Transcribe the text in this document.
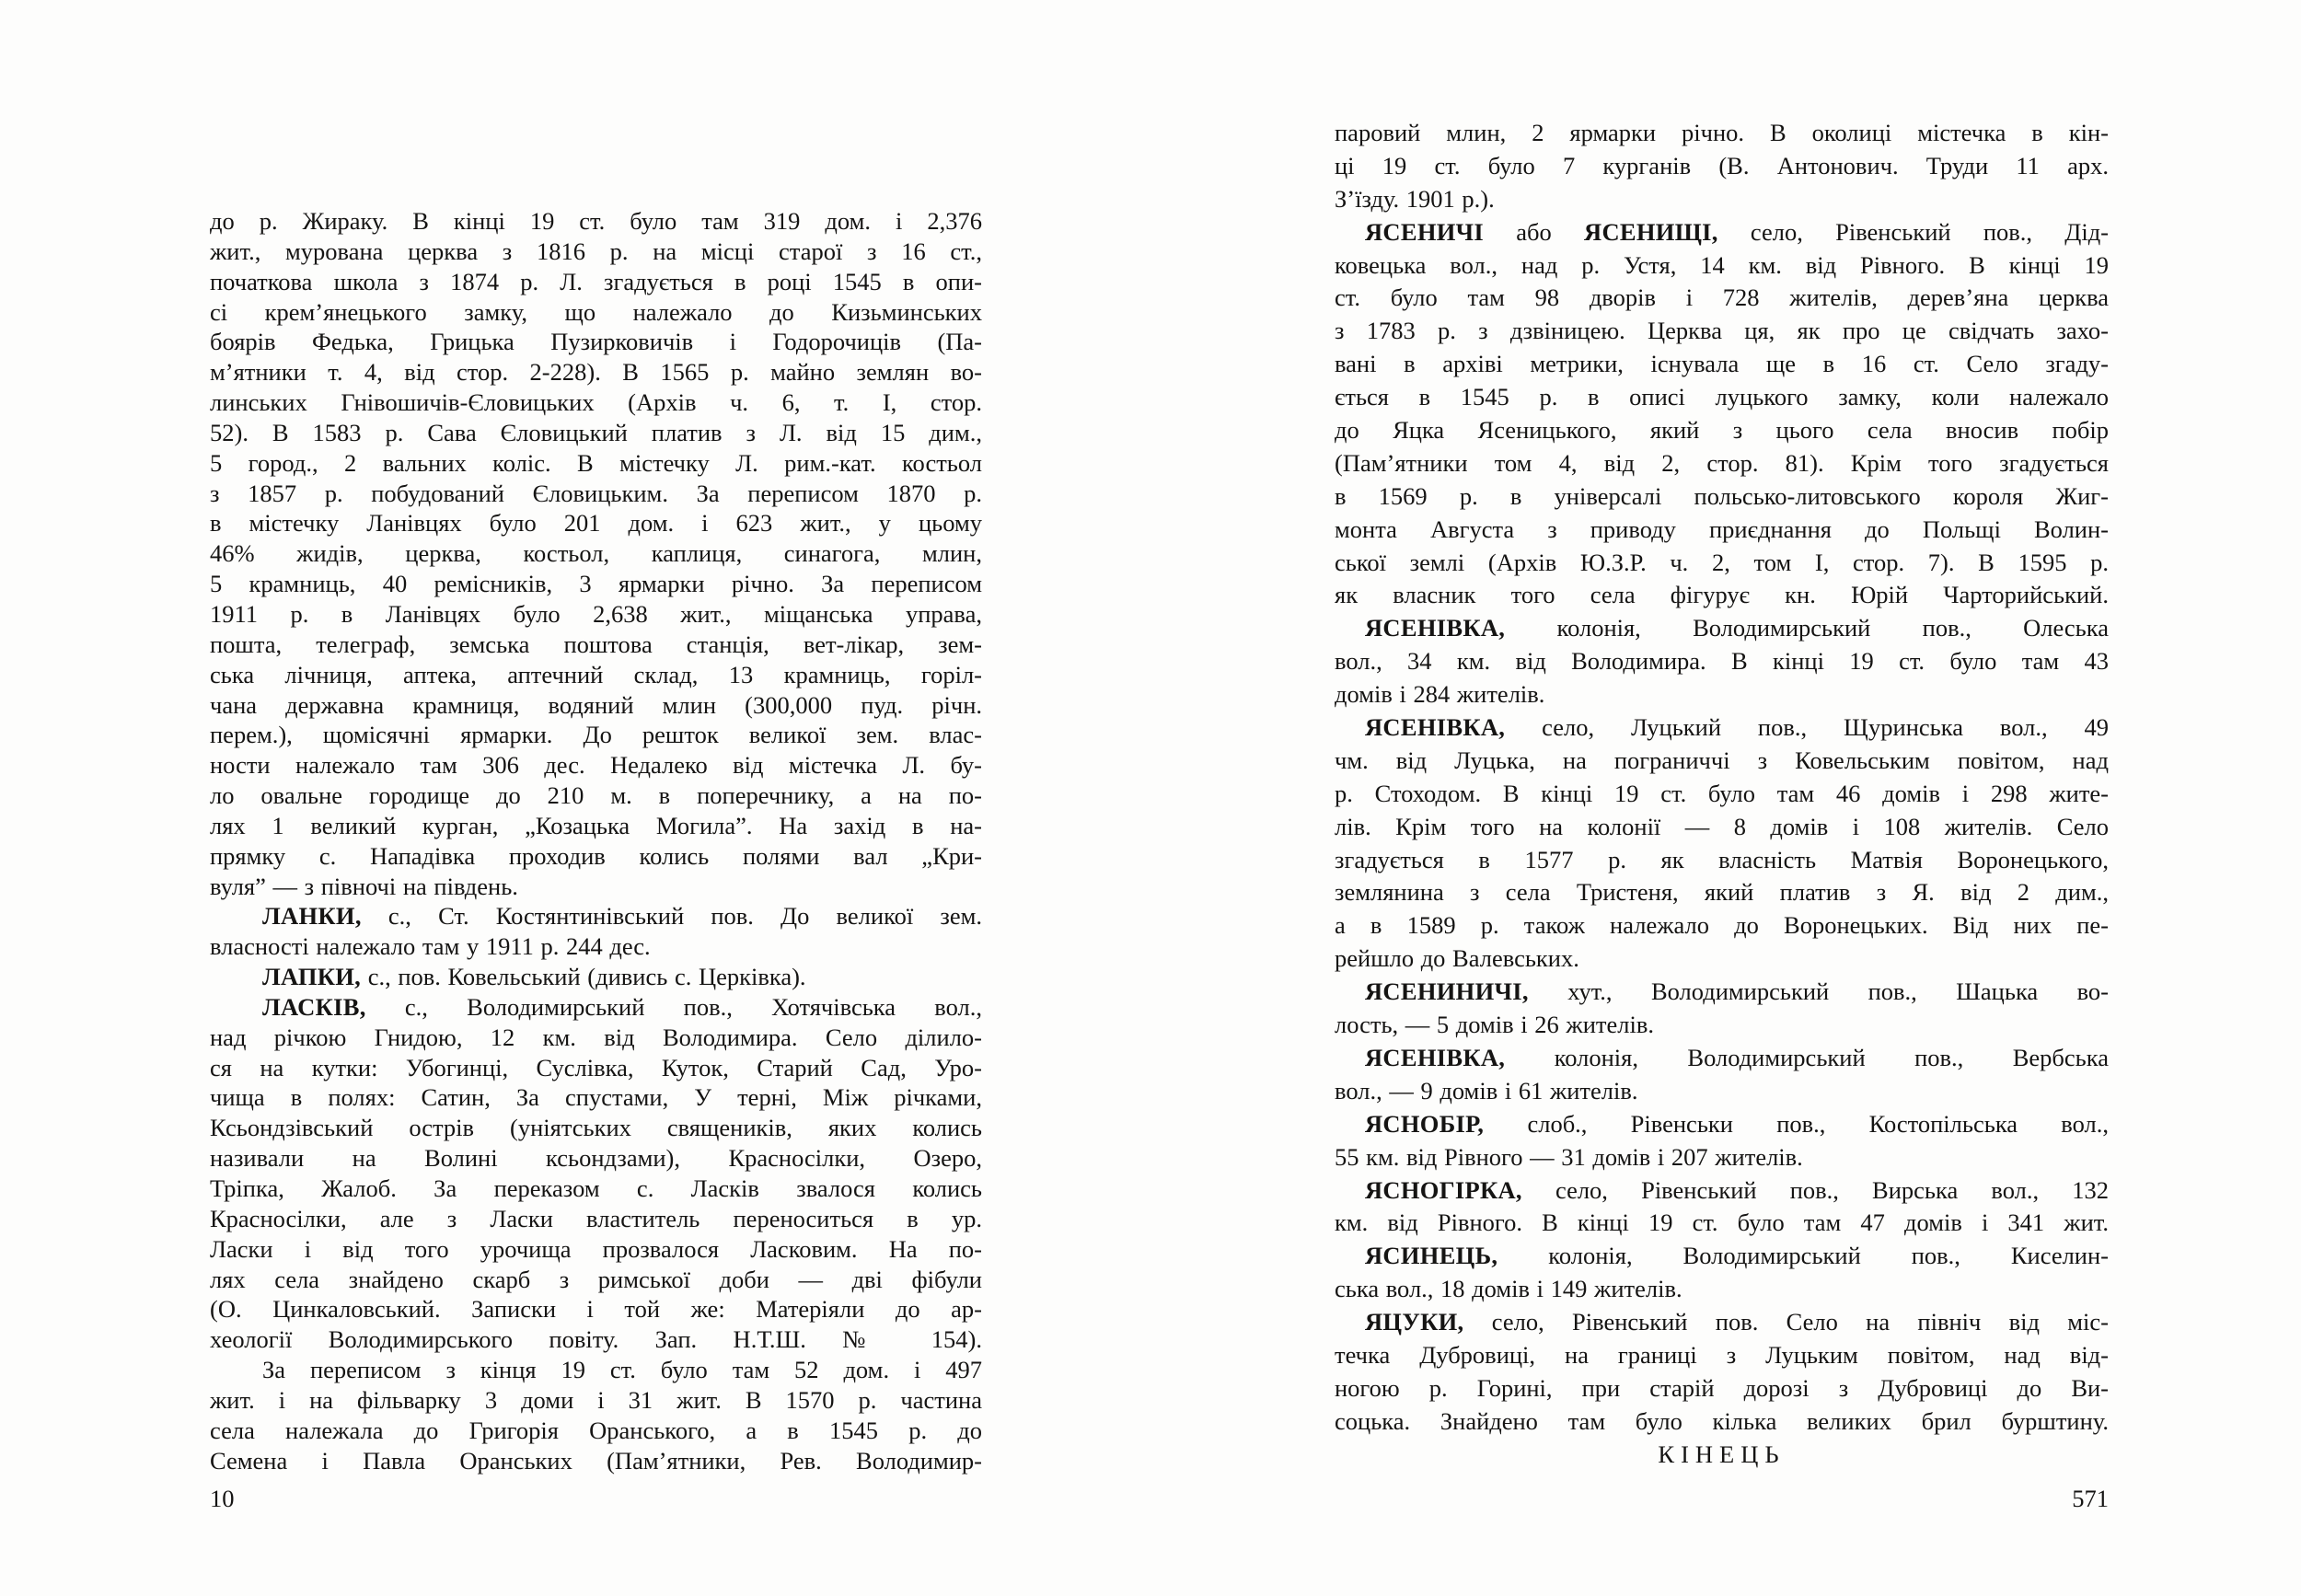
до р. Жираку. В кінці 19 ст. було там 319 дом. і 2,376
жит., мурована церква з 1816 р. на місці старої з 16 ст.,
початкова школа з 1874 р. Л. згадується в році 1545 в опи-
сі крем’янецького замку, що належало до Кизьминських
боярів Федька, Грицька Пузирковичів і Годорочиців (Па-
м’ятники т. 4, від стор. 2-228). В 1565 р. майно землян во-
линських Гнівошичів-Єловицьких (Архів ч. 6, т. І, стор.
52). В 1583 р. Сава Єловицький платив з Л. від 15 дим.,
5 город., 2 вальних коліс. В містечку Л. рим.-кат. костьол
з 1857 р. побудований Єловицьким. За переписом 1870 р.
в містечку Ланівцях було 201 дом. і 623 жит., у цьому
46% жидів, церква, костьол, каплиця, синагога, млин,
5 крамниць, 40 ремісників, 3 ярмарки річно. За переписом
1911 р. в Ланівцях було 2,638 жит., міщанська управа,
пошта, телеграф, земська поштова станція, вет-лікар, зем-
ська лічниця, аптека, аптечний склад, 13 крамниць, горіл-
чана державна крамниця, водяний млин (300,000 пуд. річн.
перем.), щомісячні ярмарки. До решток великої зем. влас-
ности належало там 306 дес. Недалеко від містечка Л. бу-
ло овальне городище до 210 м. в поперечнику, а на по-
лях 1 великий курган, „Козацька Могила”. На захід в на-
прямку с. Нападівка проходив колись полями вал „Кри-
вуля” — з півночі на південь.
ЛАНКИ, с., Ст. Костянтинівський пов. До великої зем.
власності належало там у 1911 р. 244 дес.
ЛАПКИ, с., пов. Ковельський (дивись с. Церківка).
ЛАСКІВ, с., Володимирський пов., Хотячівська вол.,
над річкою Гнидою, 12 км. від Володимира. Село ділило-
ся на кутки: Убогинці, Суслівка, Куток, Старий Сад, Уро-
чища в полях: Сатин, За спустами, У терні, Між річками,
Ксьондзівський острів (уніятських священиків, яких колись
називали на Волині ксьондзами), Красносілки, Озеро,
Тріпка, Жалоб. За переказом с. Ласків звалося колись
Красносілки, але з Ласки властитель переноситься в ур.
Ласки і від того урочища прозвалося Ласковим. На по-
лях села знайдено скарб з римської доби — дві фібули
(О. Цинкаловський. Записки і той же: Матеріяли до ар-
хеології Володимирського повіту. Зап. Н.Т.Ш. № 154).
За переписом з кінця 19 ст. було там 52 дом. і 497
жит. і на фільварку 3 доми і 31 жит. В 1570 р. частина
села належала до Григорія Оранського, а в 1545 р. до
Семена і Павла Оранських (Пам’ятники, Рев. Володимир-
паровий млин, 2 ярмарки річно. В околиці містечка в кін-
ці 19 ст. було 7 курганів (В. Антонович. Труди 11 арх.
З’їзду. 1901 р.).
ЯСЕНИЧІ або ЯСЕНИЩІ, село, Рівенський пов., Дід-
ковецька вол., над р. Устя, 14 км. від Рівного. В кінці 19
ст. було там 98 дворів і 728 жителів, дерев’яна церква
з 1783 р. з дзвіницею. Церква ця, як про це свідчать захо-
вані в архіві метрики, існувала ще в 16 ст. Село згаду-
ється в 1545 р. в описі луцького замку, коли належало
до Яцка Ясеницького, який з цього села вносив побір
(Пам’ятники том 4, від 2, стор. 81). Крім того згадується
в 1569 р. в універсалі польсько-литовського короля Жиг-
монта Августа з приводу приєднання до Польщі Волин-
ської землі (Архів Ю.З.Р. ч. 2, том І, стор. 7). В 1595 р.
як власник того села фігурує кн. Юрій Чарторийський.
ЯСЕНІВКА, колонія, Володимирський пов., Олеська
вол., 34 км. від Володимира. В кінці 19 ст. було там 43
домів і 284 жителів.
ЯСЕНІВКА, село, Луцький пов., Щуринська вол., 49
чм. від Луцька, на пограниччі з Ковельським повітом, над
р. Стоходом. В кінці 19 ст. було там 46 домів і 298 жите-
лів. Крім того на колонії — 8 домів і 108 жителів. Село
згадується в 1577 р. як власність Матвія Воронецького,
землянина з села Тристеня, який платив з Я. від 2 дим.,
а в 1589 р. також належало до Воронецьких. Від них пе-
рейшло до Валевських.
ЯСЕНИНИЧІ, хут., Володимирський пов., Шацька во-
лость, — 5 домів і 26 жителів.
ЯСЕНІВКА, колонія, Володимирський пов., Вербська
вол., — 9 домів і 61 жителів.
ЯСНОБІР, слоб., Рівенськи пов., Костопільська вол.,
55 км. від Рівного — 31 домів і 207 жителів.
ЯСНОГІРКА, село, Рівенський пов., Вирська вол., 132
км. від Рівного. В кінці 19 ст. було там 47 домів і 341 жит.
ЯСИНЕЦЬ, колонія, Володимирський пов., Киселин-
ська вол., 18 домів і 149 жителів.
ЯЦУКИ, село, Рівенський пов. Село на північ від міс-
течка Дубровиці, на границі з Луцьким повітом, над від-
ногою р. Горині, при старій дорозі з Дубровиці до Ви-
соцька. Знайдено там було кілька великих брил бурштину.
КІНЕЦЬ
10	571
